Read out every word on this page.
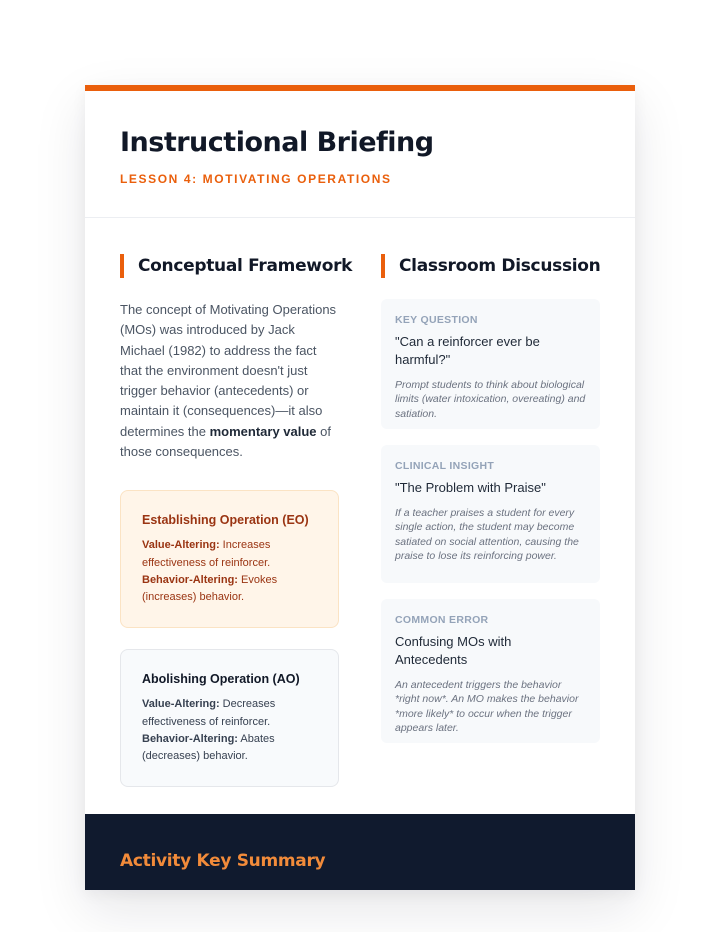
Instructional Briefing
LESSON 4: MOTIVATING OPERATIONS
Conceptual Framework

The concept of Motivating Operations (MOs) was introduced by Jack Michael (1982) to address the fact that the environment doesn't just trigger behavior (antecedents) or maintain it (consequences)—it also determines the momentary value of those consequences.

Establishing Operation (EO)
Value-Altering: Increases effectiveness of reinforcer.
Behavior-Altering: Evokes (increases) behavior.
Abolishing Operation (AO)
Value-Altering: Decreases effectiveness of reinforcer.
Behavior-Altering: Abates (decreases) behavior.
Classroom Discussion
KEY QUESTION
"Can a reinforcer ever be harmful?"
Prompt students to think about biological limits (water intoxication, overeating) and satiation.
CLINICAL INSIGHT
"The Problem with Praise"
If a teacher praises a student for every single action, the student may become satiated on social attention, causing the praise to lose its reinforcing power.
COMMON ERROR
Confusing MOs with Antecedents
An antecedent triggers the behavior *right now*. An MO makes the behavior *more likely* to occur when the trigger appears later.
Activity Key Summary
